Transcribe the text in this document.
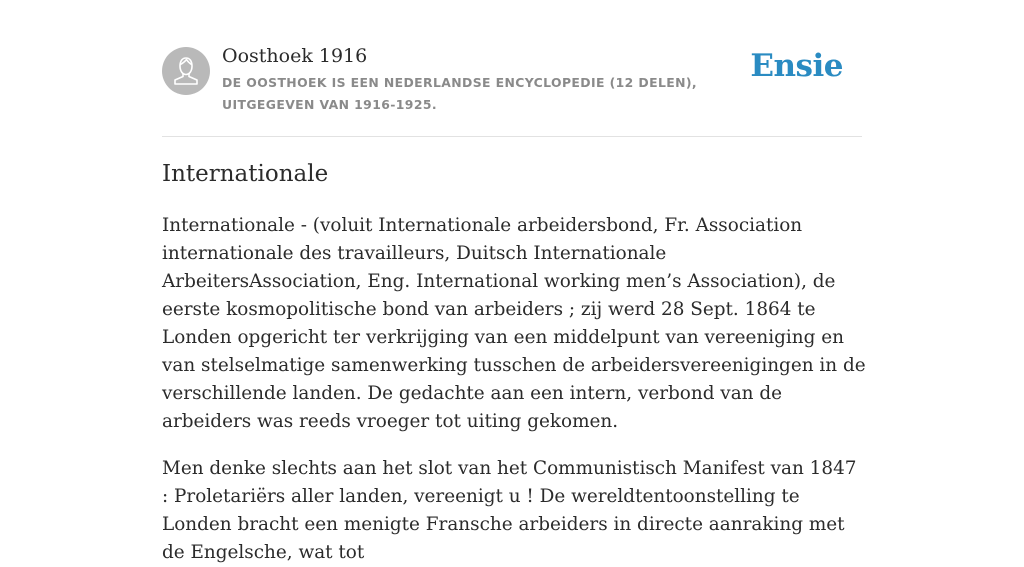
Oosthoek 1916
DE OOSTHOEK IS EEN NEDERLANDSE ENCYCLOPEDIE (12 DELEN), UITGEGEVEN VAN 1916-1925.
Ensie
Internationale

Internationale - (voluit Internationale arbeidersbond, Fr. Association internationale des travailleurs, Duitsch Internationale ArbeitersAssociation, Eng. International working men’s Association), de eerste kosmopolitische bond van arbeiders ; zij werd 28 Sept. 1864 te Londen opgericht ter verkrijging van een middelpunt van vereeniging en van stelselmatige samenwerking tusschen de arbeidersvereenigingen in de verschillende landen. De gedachte aan een intern, verbond van de arbeiders was reeds vroeger tot uiting gekomen.

Men denke slechts aan het slot van het Communistisch Manifest van 1847 : Proletariërs aller landen, vereenigt u ! De wereldtentoonstelling te Londen bracht een menigte Fransche arbeiders in directe aanraking met de Engelsche, wat tot
